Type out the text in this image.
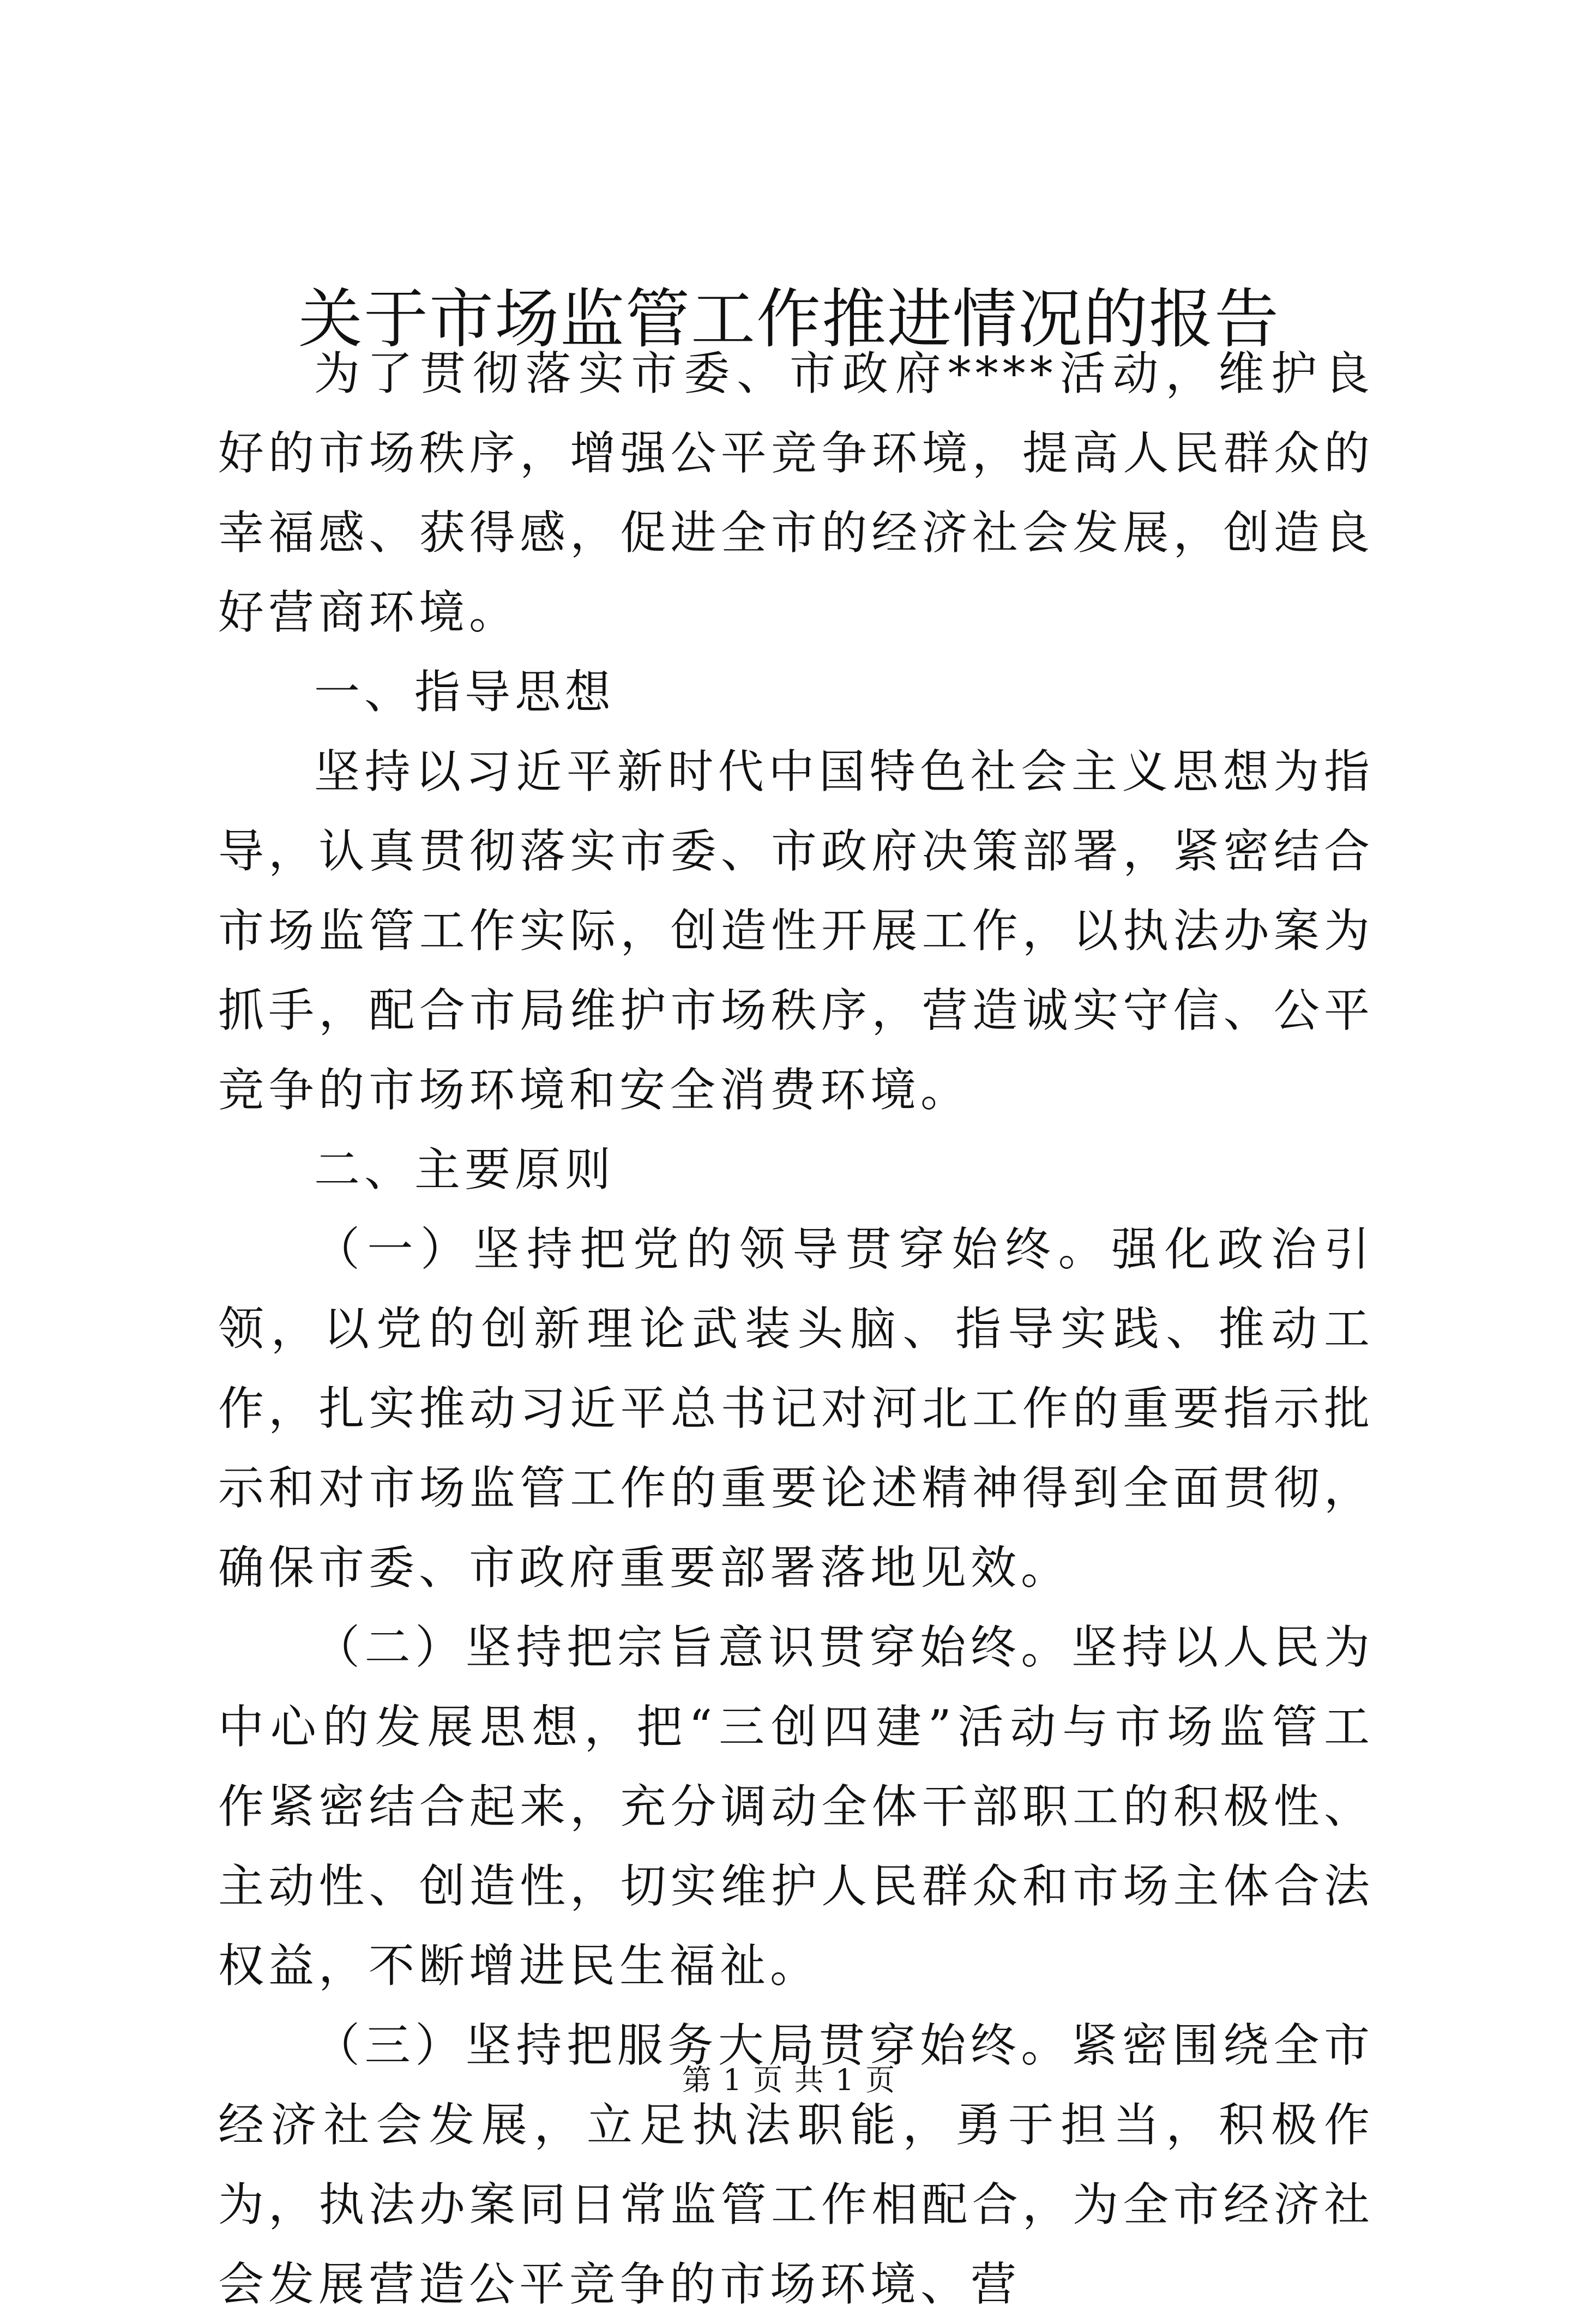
关于市场监管工作推进情况的报告

为了贯彻落实市委、市政府****活动，维护良好的市场秩序，增强公平竞争环境，提高人民群众的幸福感、获得感，促进全市的经济社会发展，创造良好营商环境。

一、指导思想

坚持以习近平新时代中国特色社会主义思想为指导，认真贯彻落实市委、市政府决策部署，紧密结合市场监管工作实际，创造性开展工作，以执法办案为抓手，配合市局维护市场秩序，营造诚实守信、公平竞争的市场环境和安全消费环境。

二、主要原则

（一）坚持把党的领导贯穿始终。强化政治引领，以党的创新理论武装头脑、指导实践、推动工作，扎实推动习近平总书记对河北工作的重要指示批示和对市场监管工作的重要论述精神得到全面贯彻，确保市委、市政府重要部署落地见效。

（二）坚持把宗旨意识贯穿始终。坚持以人民为中心的发展思想，把“三创四建”活动与市场监管工作紧密结合起来，充分调动全体干部职工的积极性、主动性、创造性，切实维护人民群众和市场主体合法权益，不断增进民生福祉。

（三）坚持把服务大局贯穿始终。紧密围绕全市经济社会发展，立足执法职能，勇于担当，积极作为，执法办案同日常监管工作相配合，为全市经济社会发展营造公平竞争的市场环境、营

第 1 页 共 1 页
